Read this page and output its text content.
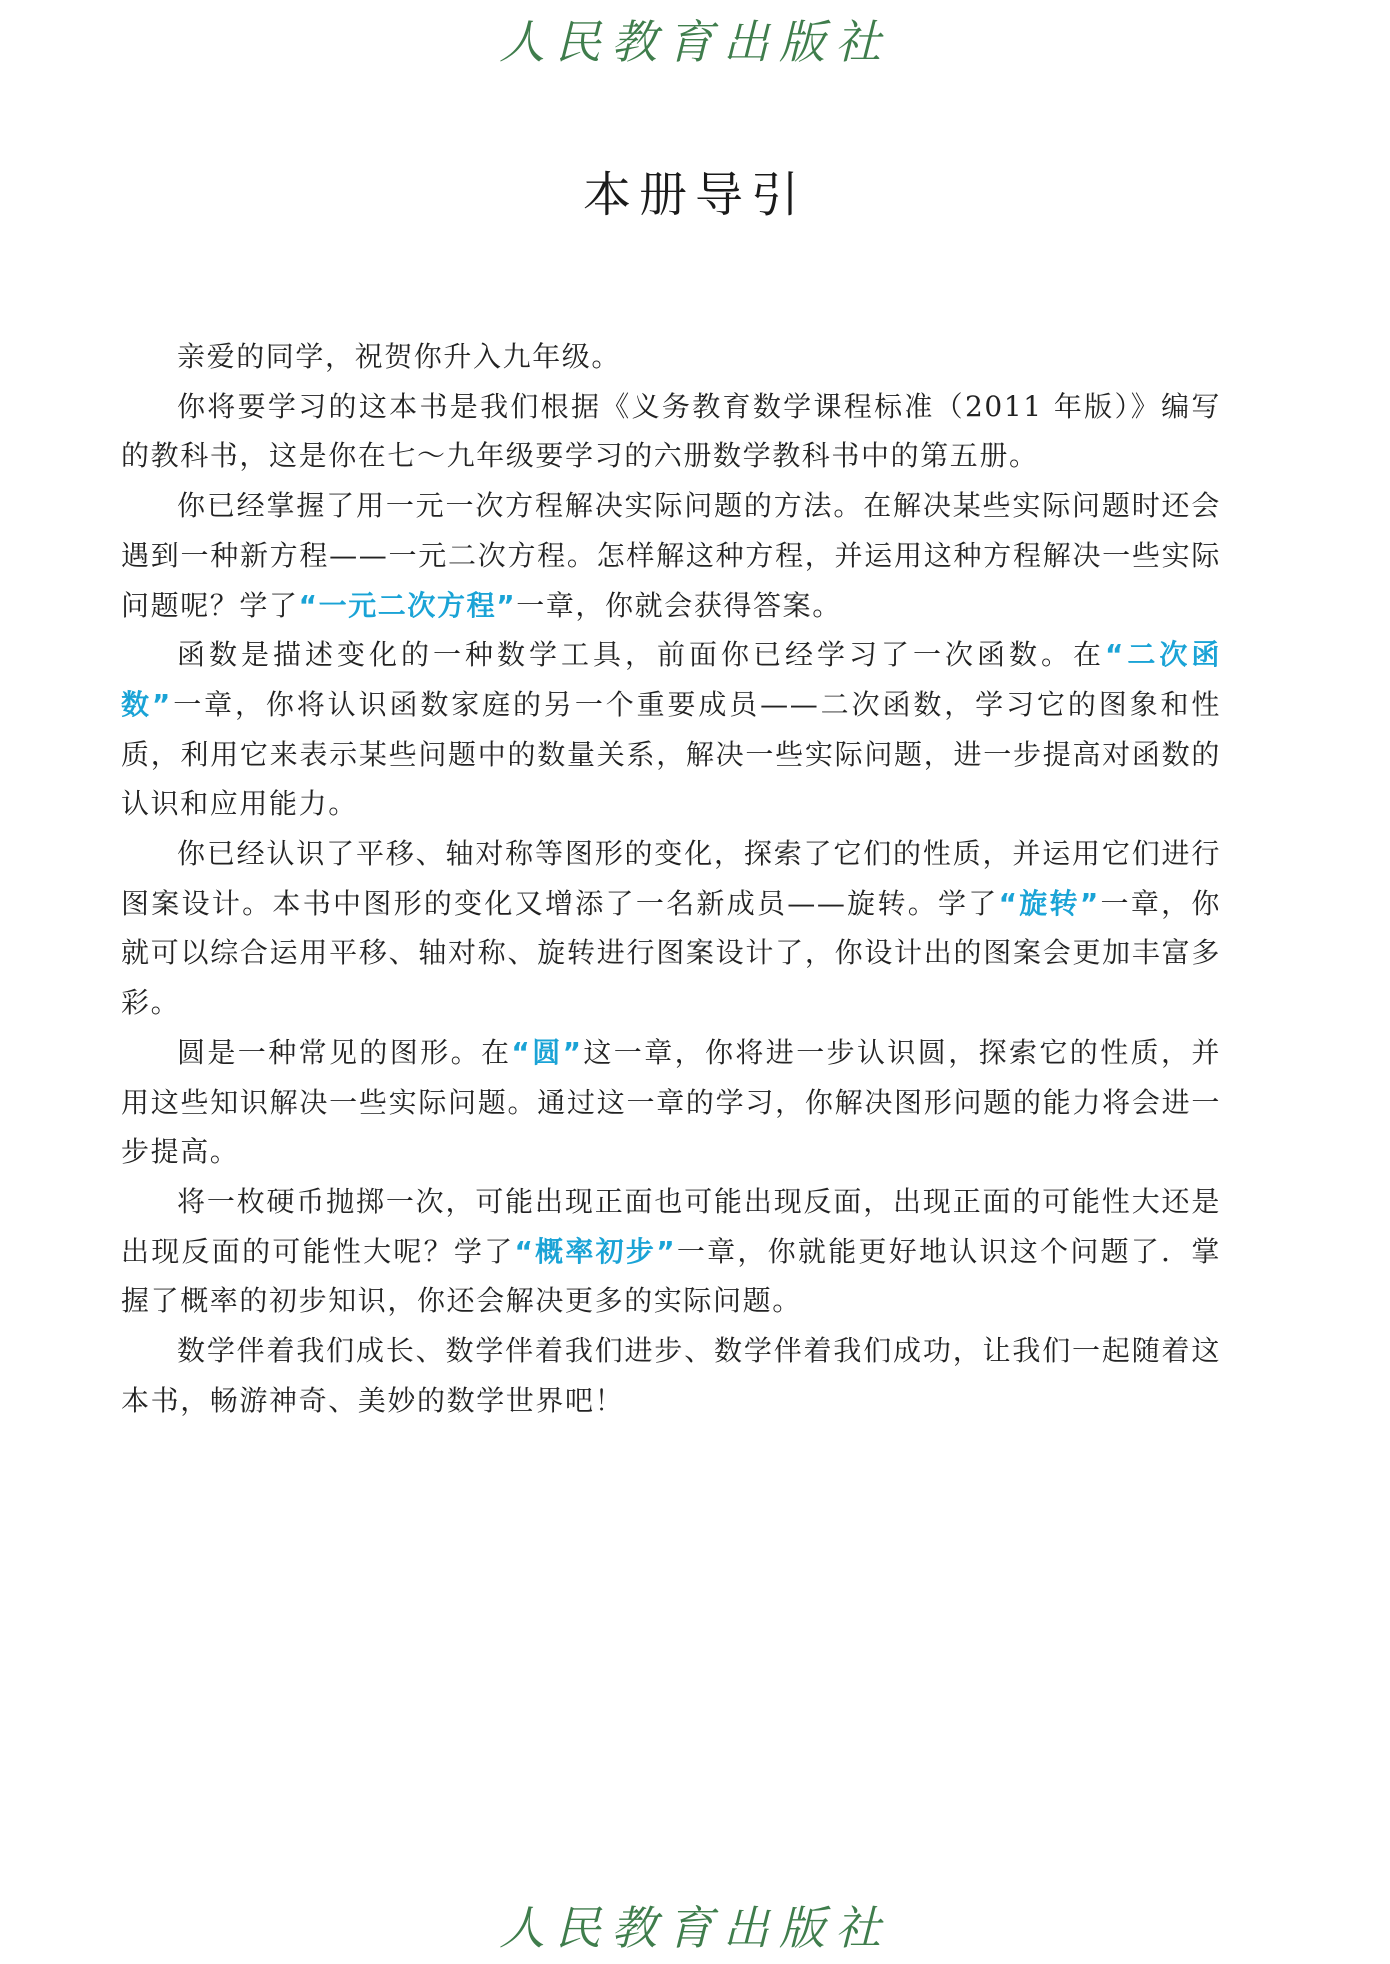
人民教育出版社
本册导引

亲爱的同学，祝贺你升入九年级。

你将要学习的这本书是我们根据《义务教育数学课程标准（2011 年版）》编写的教科书，这是你在七～九年级要学习的六册数学教科书中的第五册。

你已经掌握了用一元一次方程解决实际问题的方法。在解决某些实际问题时还会遇到一种新方程——一元二次方程。怎样解这种方程，并运用这种方程解决一些实际问题呢？学了“一元二次方程”一章，你就会获得答案。

函数是描述变化的一种数学工具，前面你已经学习了一次函数。在“二次函数”一章，你将认识函数家庭的另一个重要成员——二次函数，学习它的图象和性质，利用它来表示某些问题中的数量关系，解决一些实际问题，进一步提高对函数的认识和应用能力。

你已经认识了平移、轴对称等图形的变化，探索了它们的性质，并运用它们进行图案设计。本书中图形的变化又增添了一名新成员——旋转。学了“旋转”一章，你就可以综合运用平移、轴对称、旋转进行图案设计了，你设计出的图案会更加丰富多彩。

圆是一种常见的图形。在“圆”这一章，你将进一步认识圆，探索它的性质，并用这些知识解决一些实际问题。通过这一章的学习，你解决图形问题的能力将会进一步提高。

将一枚硬币抛掷一次，可能出现正面也可能出现反面，出现正面的可能性大还是出现反面的可能性大呢？学了“概率初步”一章，你就能更好地认识这个问题了．掌握了概率的初步知识，你还会解决更多的实际问题。

数学伴着我们成长、数学伴着我们进步、数学伴着我们成功，让我们一起随着这本书，畅游神奇、美妙的数学世界吧！

人民教育出版社
